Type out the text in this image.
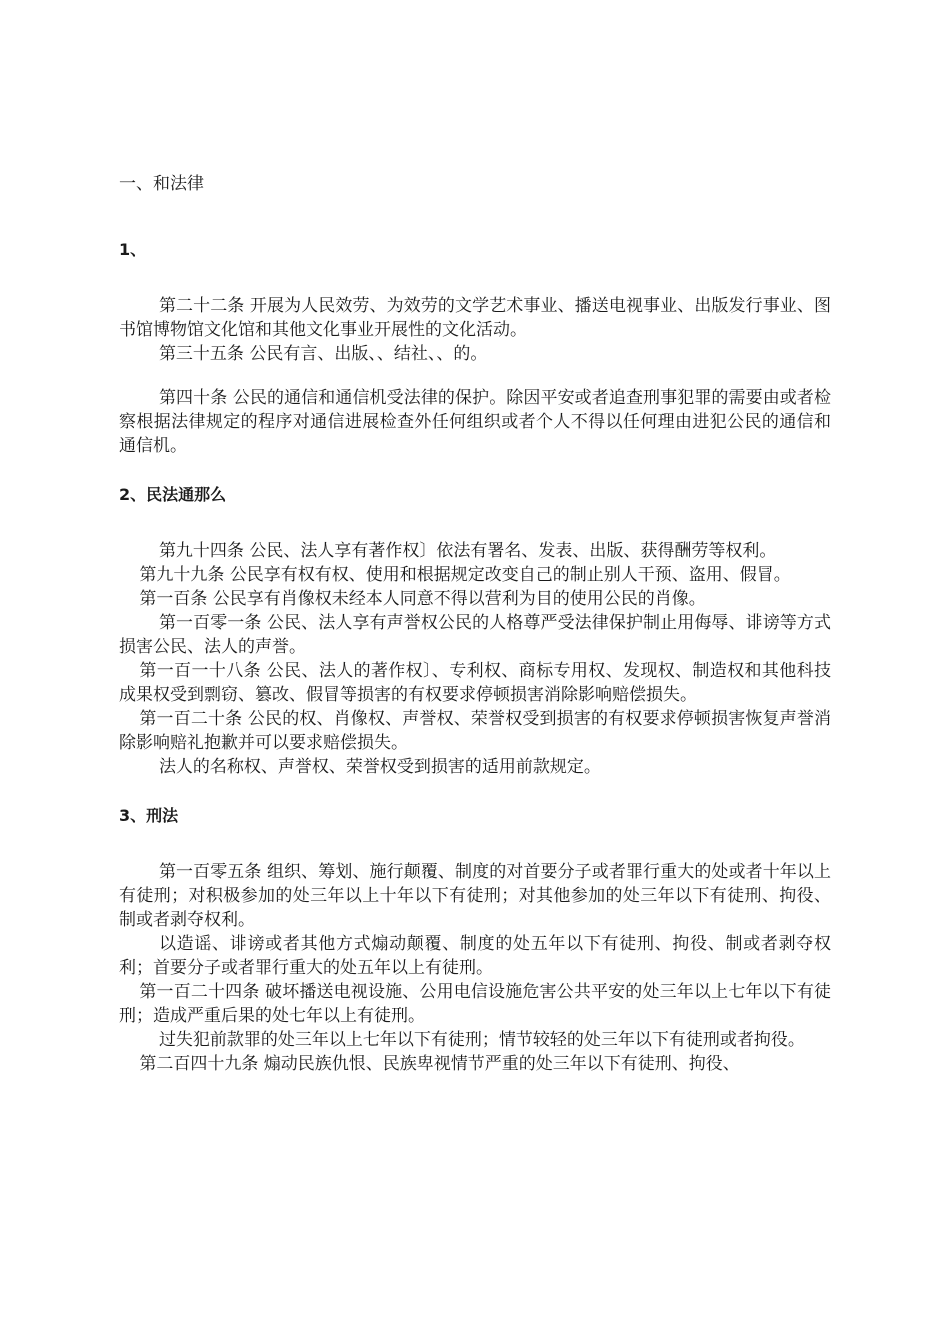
一、和法律
1、
第二十二条 开展为人民效劳、为效劳的文学艺术事业、播送电视事业、出版发行事业、图书馆博物馆文化馆和其他文化事业开展性的文化活动。
第三十五条 公民有言、出版、、结社、、的。
第四十条 公民的通信和通信机受法律的保护。除因平安或者追查刑事犯罪的需要由或者检察根据法律规定的程序对通信进展检查外任何组织或者个人不得以任何理由进犯公民的通信和通信机。
2、民法通那么
第九十四条 公民、法人享有著作权〕依法有署名、发表、出版、获得酬劳等权利。
第九十九条 公民享有权有权、使用和根据规定改变自己的制止别人干预、盗用、假冒。
第一百条 公民享有肖像权未经本人同意不得以营利为目的使用公民的肖像。
第一百零一条 公民、法人享有声誉权公民的人格尊严受法律保护制止用侮辱、诽谤等方式损害公民、法人的声誉。
第一百一十八条 公民、法人的著作权〕、专利权、商标专用权、发现权、制造权和其他科技成果权受到剽窃、篡改、假冒等损害的有权要求停顿损害消除影响赔偿损失。
第一百二十条 公民的权、肖像权、声誉权、荣誉权受到损害的有权要求停顿损害恢复声誉消除影响赔礼抱歉并可以要求赔偿损失。
法人的名称权、声誉权、荣誉权受到损害的适用前款规定。
3、刑法
第一百零五条 组织、筹划、施行颠覆、制度的对首要分子或者罪行重大的处或者十年以上有徒刑；对积极参加的处三年以上十年以下有徒刑；对其他参加的处三年以下有徒刑、拘役、制或者剥夺权利。
以造谣、诽谤或者其他方式煽动颠覆、制度的处五年以下有徒刑、拘役、制或者剥夺权利；首要分子或者罪行重大的处五年以上有徒刑。
第一百二十四条 破坏播送电视设施、公用电信设施危害公共平安的处三年以上七年以下有徒刑；造成严重后果的处七年以上有徒刑。
过失犯前款罪的处三年以上七年以下有徒刑；情节较轻的处三年以下有徒刑或者拘役。
第二百四十九条 煽动民族仇恨、民族卑视情节严重的处三年以下有徒刑、拘役、
